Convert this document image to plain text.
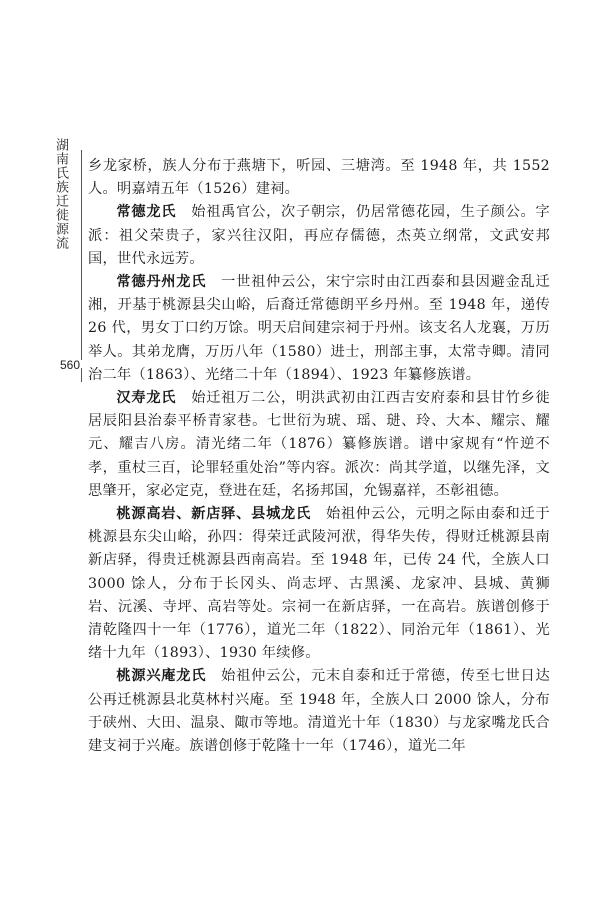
湖南氏族迁徙源流
560

乡龙家桥，族人分布于燕塘下，听园、三塘湾。至 1948 年，共 1552 人。明嘉靖五年（1526）建祠。

常德龙氏　 始祖禹官公，次子朝宗，仍居常德花园，生子颜公。字派：祖父荣贵子，家兴往汉阳，再应存儒德，杰英立纲常，文武安邦国，世代永远芳。

常德丹州龙氏　 一世祖仲云公，宋宁宗时由江西泰和县因避金乱迁湘，开基于桃源县尖山峪，后裔迁常德朗平乡丹州。至 1948 年，递传 26 代，男女丁口约万馀。明天启间建宗祠于丹州。该支名人龙襄，万历举人。其弟龙膺，万历八年（1580）进士，刑部主事，太常寺卿。清同治二年（1863）、光绪二十年（1894）、1923 年纂修族谱。

汉寿龙氏　 始迁祖万二公，明洪武初由江西吉安府泰和县甘竹乡徙居辰阳县治泰平桥青家巷。七世衍为琥、瑶、琎、玲、大本、耀宗、耀元、耀吉八房。清光绪二年（1876）纂修族谱。谱中家规有“忤逆不孝，重杖三百，论罪轻重处治”等内容。派次：尚其学道，以继先泽，文思肇开，家必定克，登进在廷，名扬邦国，允锡嘉祥，丕彰祖德。

桃源高岩、新店驿、县城龙氏　 始祖仲云公，元明之际由泰和迁于桃源县东尖山峪，孙四：得荣迁武陵河洑，得华失传，得财迁桃源县南新店驿，得贵迁桃源县西南高岩。至 1948 年，已传 24 代，全族人口 3000 馀人，分布于长冈头、尚志坪、古黑溪、龙家冲、县城、黄狮岩、沅溪、寺坪、高岩等处。宗祠一在新店驿，一在高岩。族谱创修于清乾隆四十一年（1776），道光二年（1822）、同治元年（1861）、光绪十九年（1893）、1930 年续修。

桃源兴庵龙氏　 始祖仲云公，元末自泰和迁于常德，传至七世日达公再迁桃源县北莫林村兴庵。至 1948 年，全族人口 2000 馀人，分布于硖州、大田、温泉、陬市等地。清道光十年（1830）与龙家嘴龙氏合建支祠于兴庵。族谱创修于乾隆十一年（1746），道光二年
